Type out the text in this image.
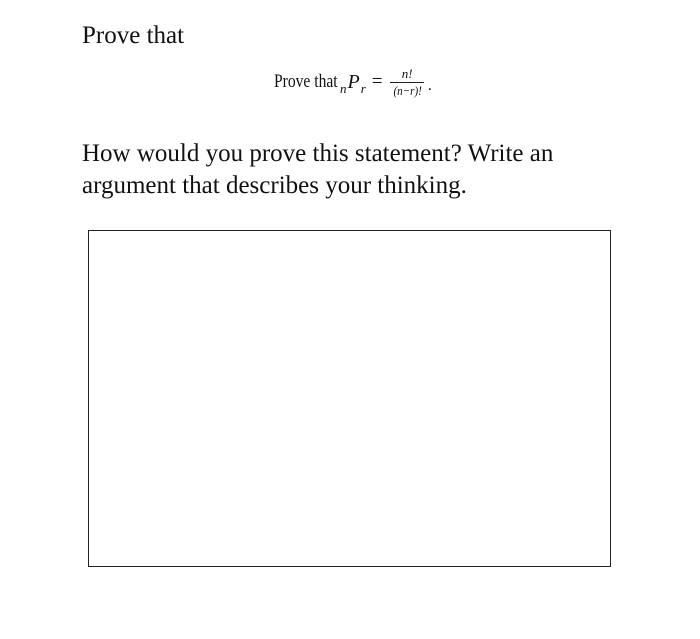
Prove that
Prove that n P $r = \frac{n!}{(n-r)!}$ .

How would you prove this statement? Write an argument that describes your thinking.
